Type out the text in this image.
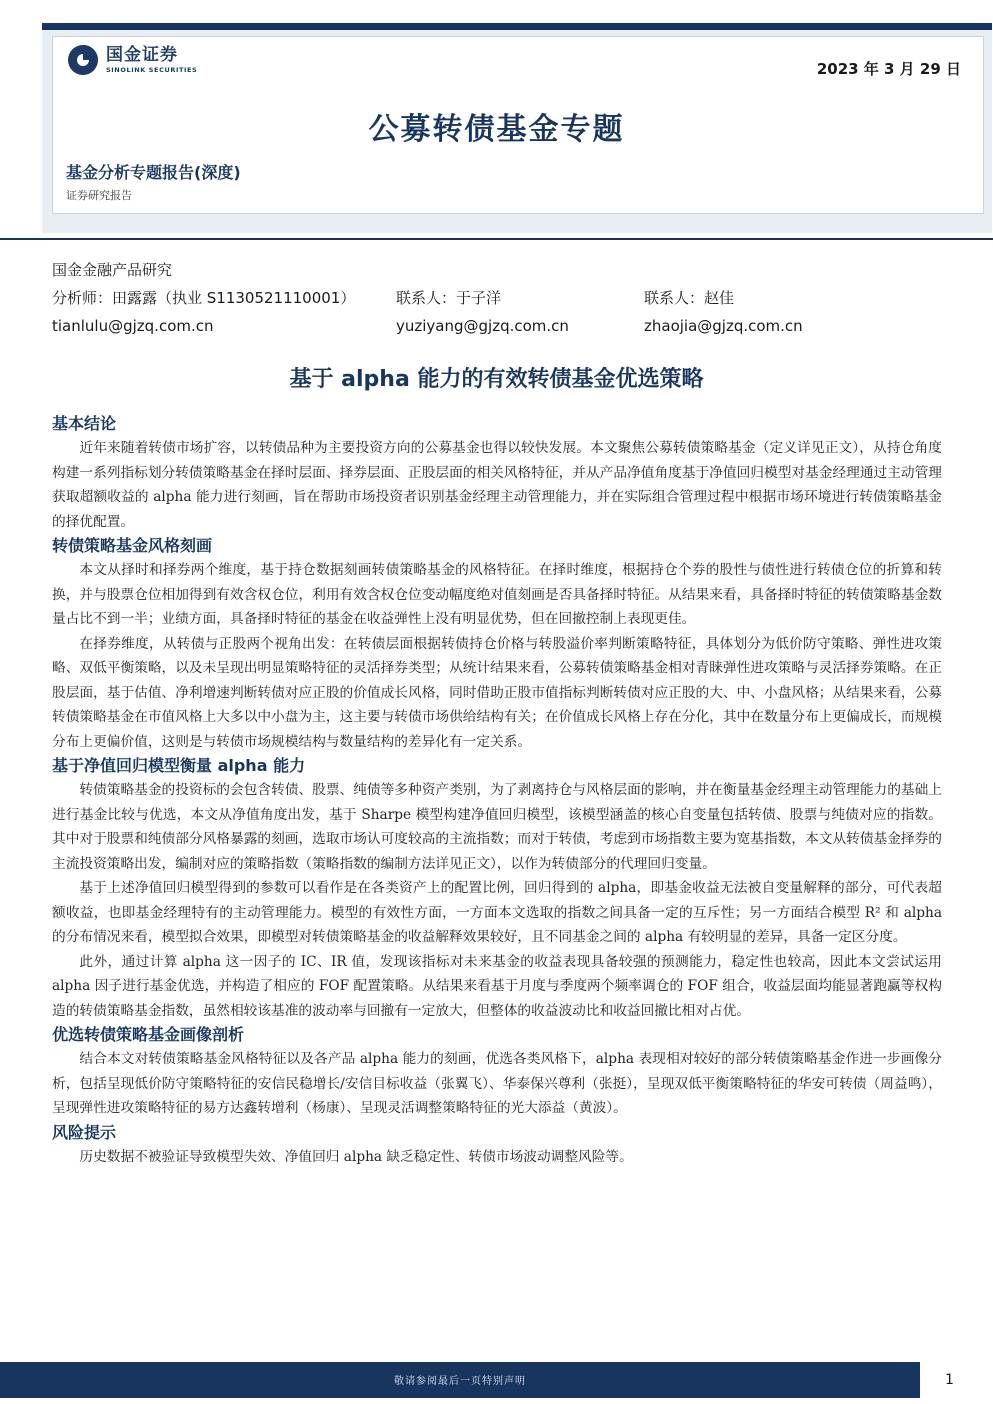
国金证券
SINOLINK SECURITIES	2023 年 3 月 29 日
公募转债基金专题
基金分析专题报告(深度)
证券研究报告
国金金融产品研究
分析师：田露露（执业 S1130521110001）	联系人：于子洋	联系人：赵佳
tianlulu@gjzq.com.cn	yuziyang@gjzq.com.cn	zhaojia@gjzq.com.cn
基于 alpha 能力的有效转债基金优选策略
基本结论

近年来随着转债市场扩容，以转债品种为主要投资方向的公募基金也得以较快发展。本文聚焦公募转债策略基金（定义详见正文），从持仓角度构建一系列指标划分转债策略基金在择时层面、择券层面、正股层面的相关风格特征，并从产品净值角度基于净值回归模型对基金经理通过主动管理获取超额收益的 alpha 能力进行刻画，旨在帮助市场投资者识别基金经理主动管理能力，并在实际组合管理过程中根据市场环境进行转债策略基金的择优配置。

转债策略基金风格刻画

本文从择时和择券两个维度，基于持仓数据刻画转债策略基金的风格特征。在择时维度，根据持仓个券的股性与债性进行转债仓位的折算和转换，并与股票仓位相加得到有效含权仓位，利用有效含权仓位变动幅度绝对值刻画是否具备择时特征。从结果来看，具备择时特征的转债策略基金数量占比不到一半；业绩方面，具备择时特征的基金在收益弹性上没有明显优势，但在回撤控制上表现更佳。

在择券维度，从转债与正股两个视角出发：在转债层面根据转债持仓价格与转股溢价率判断策略特征，具体划分为低价防守策略、弹性进攻策略、双低平衡策略，以及未呈现出明显策略特征的灵活择券类型；从统计结果来看，公募转债策略基金相对青睐弹性进攻策略与灵活择券策略。在正股层面，基于估值、净利增速判断转债对应正股的价值成长风格，同时借助正股市值指标判断转债对应正股的大、中、小盘风格；从结果来看，公募转债策略基金在市值风格上大多以中小盘为主，这主要与转债市场供给结构有关；在价值成长风格上存在分化，其中在数量分布上更偏成长，而规模分布上更偏价值，这则是与转债市场规模结构与数量结构的差异化有一定关系。

基于净值回归模型衡量 alpha 能力

转债策略基金的投资标的会包含转债、股票、纯债等多种资产类别，为了剥离持仓与风格层面的影响，并在衡量基金经理主动管理能力的基础上进行基金比较与优选，本文从净值角度出发，基于 Sharpe 模型构建净值回归模型，该模型涵盖的核心自变量包括转债、股票与纯债对应的指数。其中对于股票和纯债部分风格暴露的刻画，选取市场认可度较高的主流指数；而对于转债，考虑到市场指数主要为宽基指数，本文从转债基金择券的主流投资策略出发，编制对应的策略指数（策略指数的编制方法详见正文），以作为转债部分的代理回归变量。

基于上述净值回归模型得到的参数可以看作是在各类资产上的配置比例，回归得到的 alpha，即基金收益无法被自变量解释的部分，可代表超额收益，也即基金经理特有的主动管理能力。模型的有效性方面，一方面本文选取的指数之间具备一定的互斥性；另一方面结合模型 R² 和 alpha 的分布情况来看，模型拟合效果，即模型对转债策略基金的收益解释效果较好，且不同基金之间的 alpha 有较明显的差异，具备一定区分度。

此外，通过计算 alpha 这一因子的 IC、IR 值，发现该指标对未来基金的收益表现具备较强的预测能力，稳定性也较高，因此本文尝试运用 alpha 因子进行基金优选，并构造了相应的 FOF 配置策略。从结果来看基于月度与季度两个频率调仓的 FOF 组合，收益层面均能显著跑赢等权构造的转债策略基金指数，虽然相较该基准的波动率与回撤有一定放大，但整体的收益波动比和收益回撤比相对占优。

优选转债策略基金画像剖析

结合本文对转债策略基金风格特征以及各产品 alpha 能力的刻画，优选各类风格下，alpha 表现相对较好的部分转债策略基金作进一步画像分析，包括呈现低价防守策略特征的安信民稳增长/安信目标收益（张翼飞）、华泰保兴尊利（张挺），呈现双低平衡策略特征的华安可转债（周益鸣），呈现弹性进攻策略特征的易方达鑫转增利（杨康）、呈现灵活调整策略特征的光大添益（黄波）。

风险提示

历史数据不被验证导致模型失效、净值回归 alpha 缺乏稳定性、转债市场波动调整风险等。

敬请参阅最后一页特别声明	1
